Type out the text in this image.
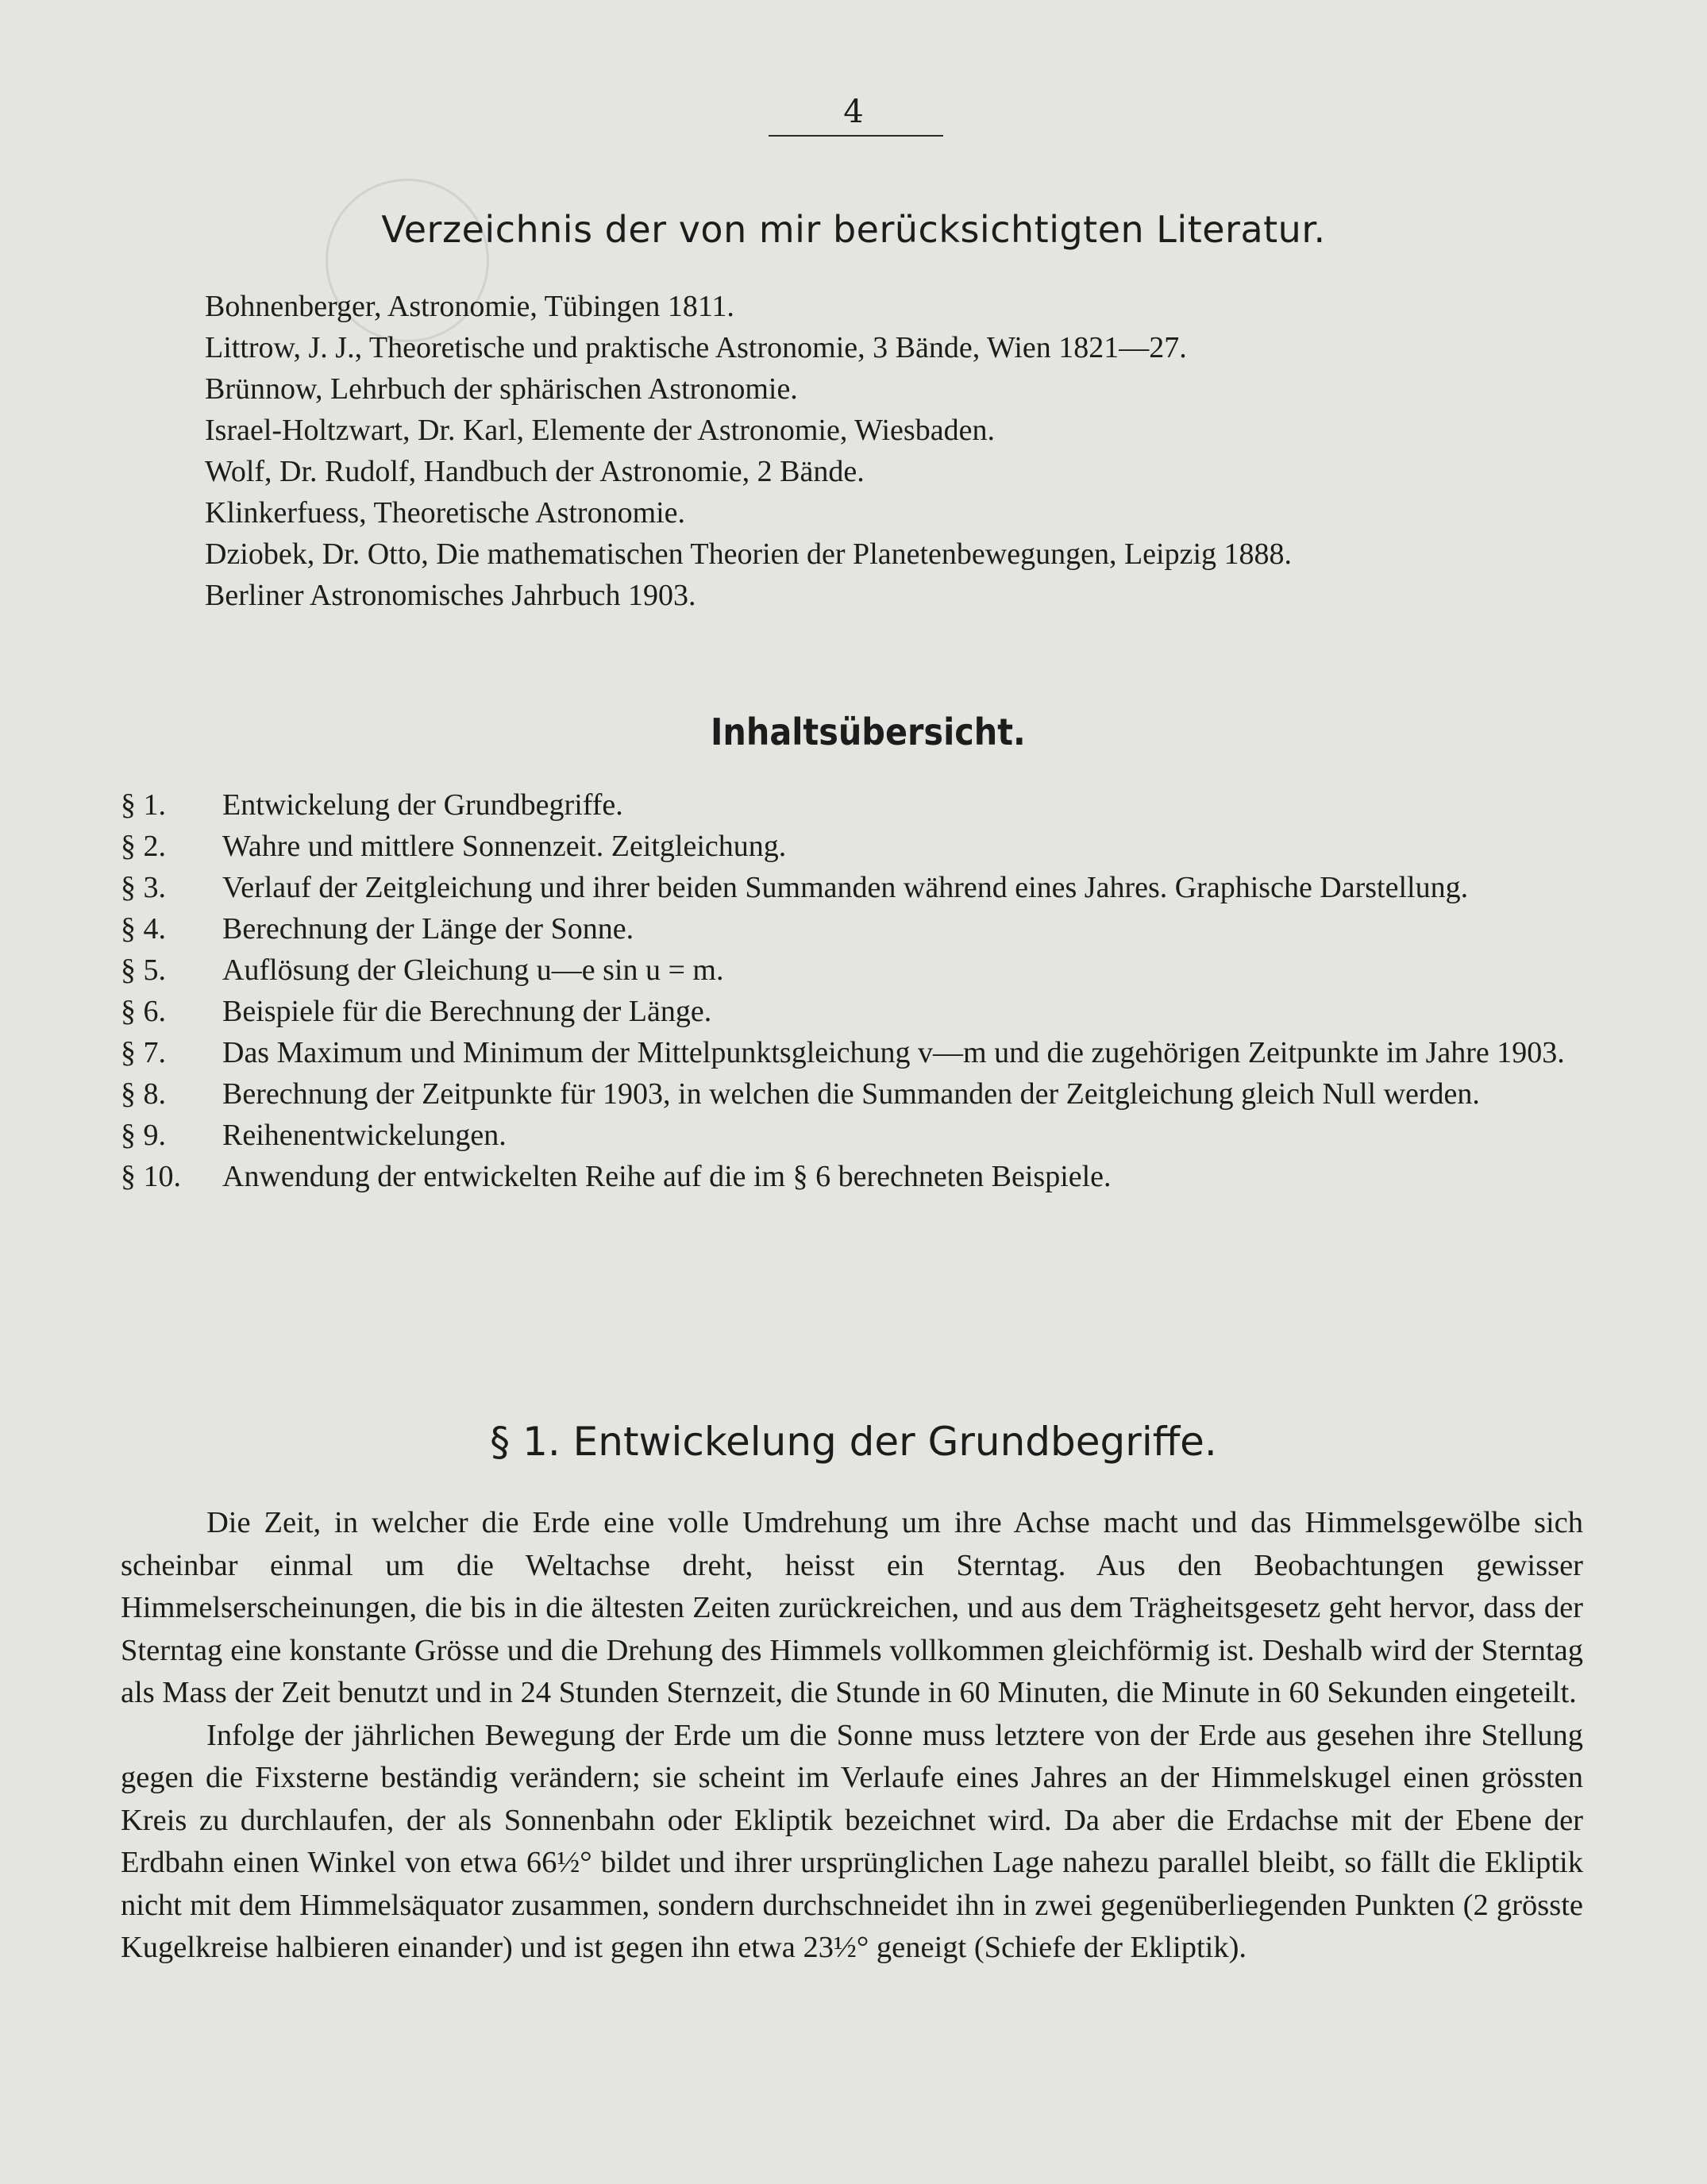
4
Verzeichnis der von mir berücksichtigten Literatur.
Bohnenberger, Astronomie, Tübingen 1811.
Littrow, J. J., Theoretische und praktische Astronomie, 3 Bände, Wien 1821—27.
Brünnow, Lehrbuch der sphärischen Astronomie.
Israel-Holtzwart, Dr. Karl, Elemente der Astronomie, Wiesbaden.
Wolf, Dr. Rudolf, Handbuch der Astronomie, 2 Bände.
Klinkerfuess, Theoretische Astronomie.
Dziobek, Dr. Otto, Die mathematischen Theorien der Planetenbewegungen, Leipzig 1888.
Berliner Astronomisches Jahrbuch 1903.
Inhaltsübersicht.
§ 1. Entwickelung der Grundbegriffe.
§ 2. Wahre und mittlere Sonnenzeit. Zeitgleichung.
§ 3. Verlauf der Zeitgleichung und ihrer beiden Summanden während eines Jahres. Graphische Darstellung.
§ 4. Berechnung der Länge der Sonne.
§ 5. Auflösung der Gleichung u—e sin u = m.
§ 6. Beispiele für die Berechnung der Länge.
§ 7. Das Maximum und Minimum der Mittelpunktsgleichung v—m und die zugehörigen Zeitpunkte im Jahre 1903.
§ 8. Berechnung der Zeitpunkte für 1903, in welchen die Summanden der Zeitgleichung gleich Null werden.
§ 9. Reihenentwickelungen.
§ 10. Anwendung der entwickelten Reihe auf die im § 6 berechneten Beispiele.
§ 1. Entwickelung der Grundbegriffe.

Die Zeit, in welcher die Erde eine volle Umdrehung um ihre Achse macht und das Himmelsgewölbe sich scheinbar einmal um die Weltachse dreht, heisst ein Sterntag. Aus den Beobachtungen gewisser Himmelserscheinungen, die bis in die ältesten Zeiten zurückreichen, und aus dem Trägheitsgesetz geht hervor, dass der Sterntag eine konstante Grösse und die Drehung des Himmels vollkommen gleichförmig ist. Deshalb wird der Sterntag als Mass der Zeit benutzt und in 24 Stunden Sternzeit, die Stunde in 60 Minuten, die Minute in 60 Sekunden eingeteilt.

Infolge der jährlichen Bewegung der Erde um die Sonne muss letztere von der Erde aus gesehen ihre Stellung gegen die Fixsterne beständig verändern; sie scheint im Verlaufe eines Jahres an der Himmelskugel einen grössten Kreis zu durchlaufen, der als Sonnenbahn oder Ekliptik bezeichnet wird. Da aber die Erdachse mit der Ebene der Erdbahn einen Winkel von etwa 66½° bildet und ihrer ursprünglichen Lage nahezu parallel bleibt, so fällt die Ekliptik nicht mit dem Himmelsäquator zusammen, sondern durchschneidet ihn in zwei gegenüberliegenden Punkten (2 grösste Kugelkreise halbieren einander) und ist gegen ihn etwa 23½° geneigt (Schiefe der Ekliptik).
